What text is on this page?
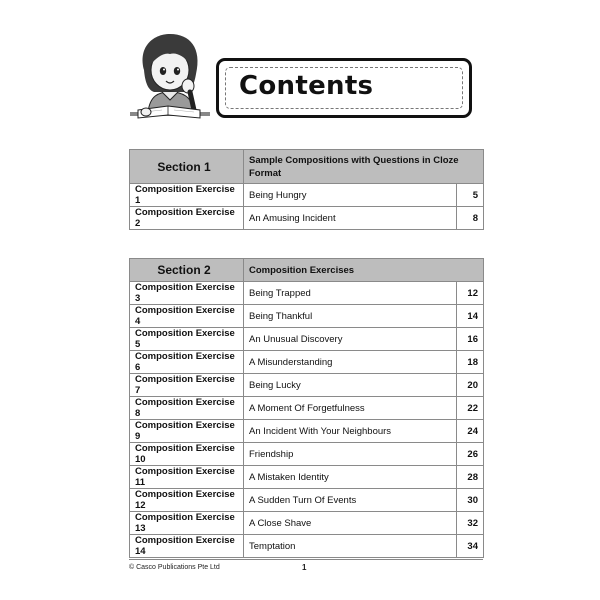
Contents
Section 1	Sample Compositions with Questions in Cloze Format	
Composition Exercise 1	Being Hungry	5
Composition Exercise 2	An Amusing Incident	8
Section 2	Composition Exercises	
Composition Exercise 3	Being Trapped	12
Composition Exercise 4	Being Thankful	14
Composition Exercise 5	An Unusual Discovery	16
Composition Exercise 6	A Misunderstanding	18
Composition Exercise 7	Being Lucky	20
Composition Exercise 8	A Moment Of Forgetfulness	22
Composition Exercise 9	An Incident With Your Neighbours	24
Composition Exercise 10	Friendship	26
Composition Exercise 11	A Mistaken Identity	28
Composition Exercise 12	A Sudden Turn Of Events	30
Composition Exercise 13	A Close Shave	32
Composition Exercise 14	Temptation	34
© Casco Publications Pte Ltd	1
